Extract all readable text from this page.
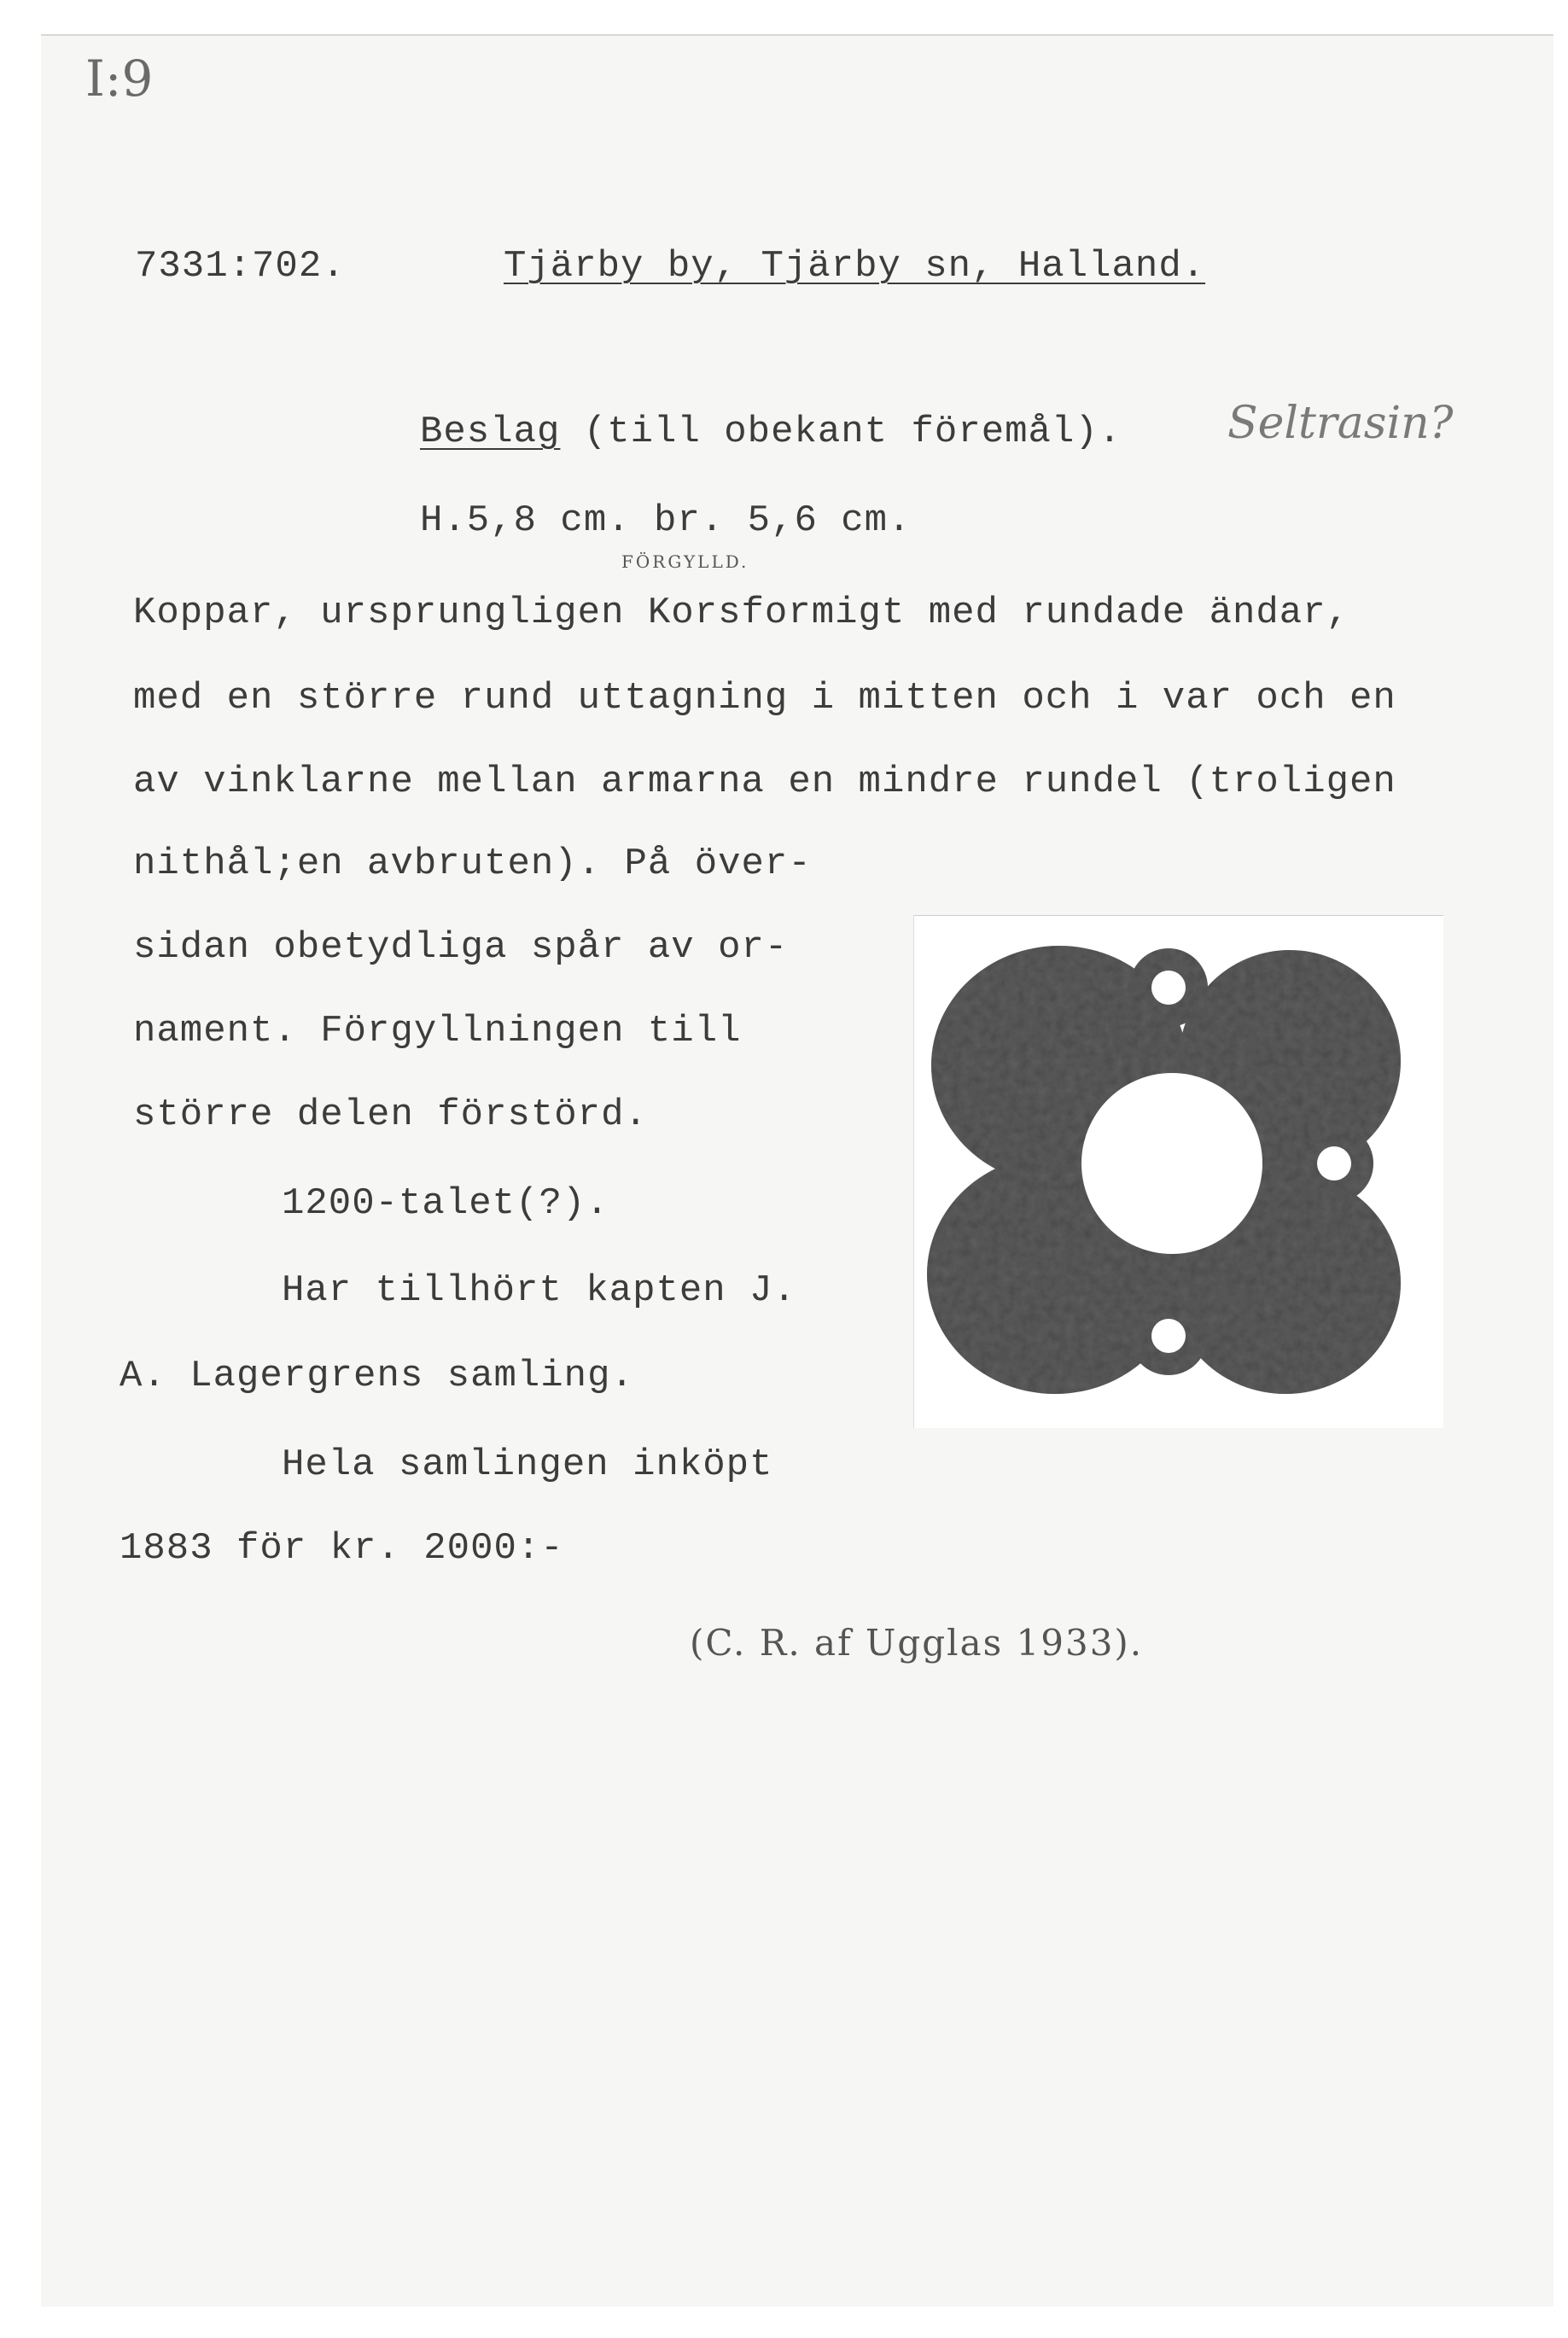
I:9
7331:702.	Tjärby by, Tjärby sn, Halland.
Beslag (till obekant föremål). Seltrasin?
H.5,8 cm. br. 5,6 cm.
FÖRGYLLD.
Koppar, ursprungligen Korsformigt med rundade ändar,
med en större rund uttagning i mitten och i var och en
av vinklarne mellan armarna en mindre rundel (troligen
nithål;en avbruten). På över-
sidan obetydliga spår av or-
nament. Förgyllningen till
större delen förstörd.
1200-talet(?).
Har tillhört kapten J.
A. Lagergrens samling.
Hela samlingen inköpt
1883 för kr. 2000:-
(C. R. af Ugglas 1933).
